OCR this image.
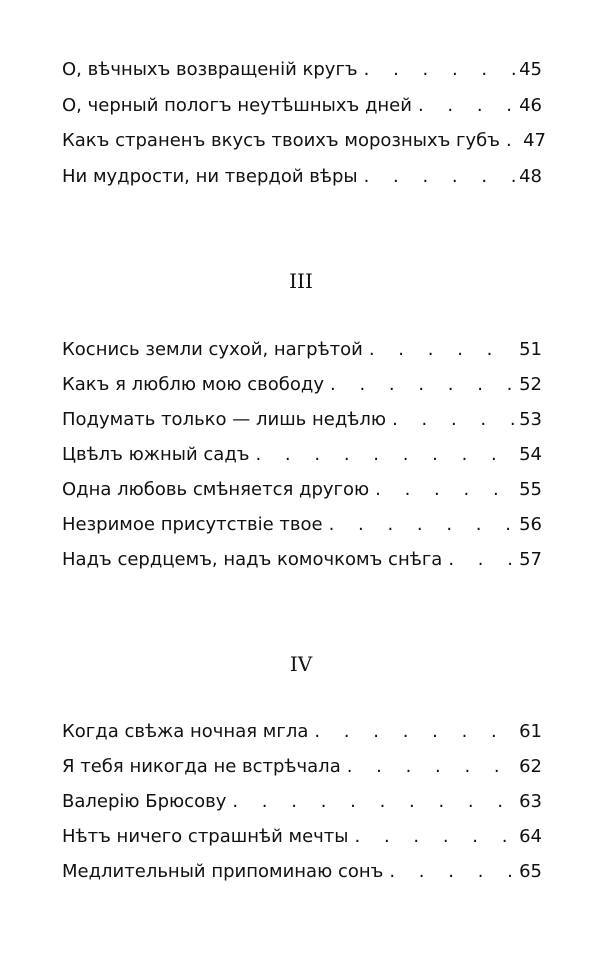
О, вѣчныхъ возвращеній кругъ . . .	45
О, черный пологъ неутѣшныхъ дней . . .	46
Какъ страненъ вкусъ твоихъ морозныхъ губъ . . . 47
Ни мудрости, ни твердой вѣры . . .	48
III
Коснись земли сухой, нагрѣтой . . .	51
Какъ я люблю мою свободу . . .	52
Подумать только — лишь недѣлю . . .	53
Цвѣлъ южный садъ . . .	54
Одна любовь смѣняется другою . . .	55
Незримое присутствіе твое . . .	56
Надъ сердцемъ, надъ комочкомъ снѣга . . .	57
IV
Когда свѣжа ночная мгла . . .	61
Я тебя никогда не встрѣчала . . .	62
Валерію Брюсову . . .	63
Нѣтъ ничего страшнѣй мечты . . .	64
Медлительный припоминаю сонъ . . .	65
